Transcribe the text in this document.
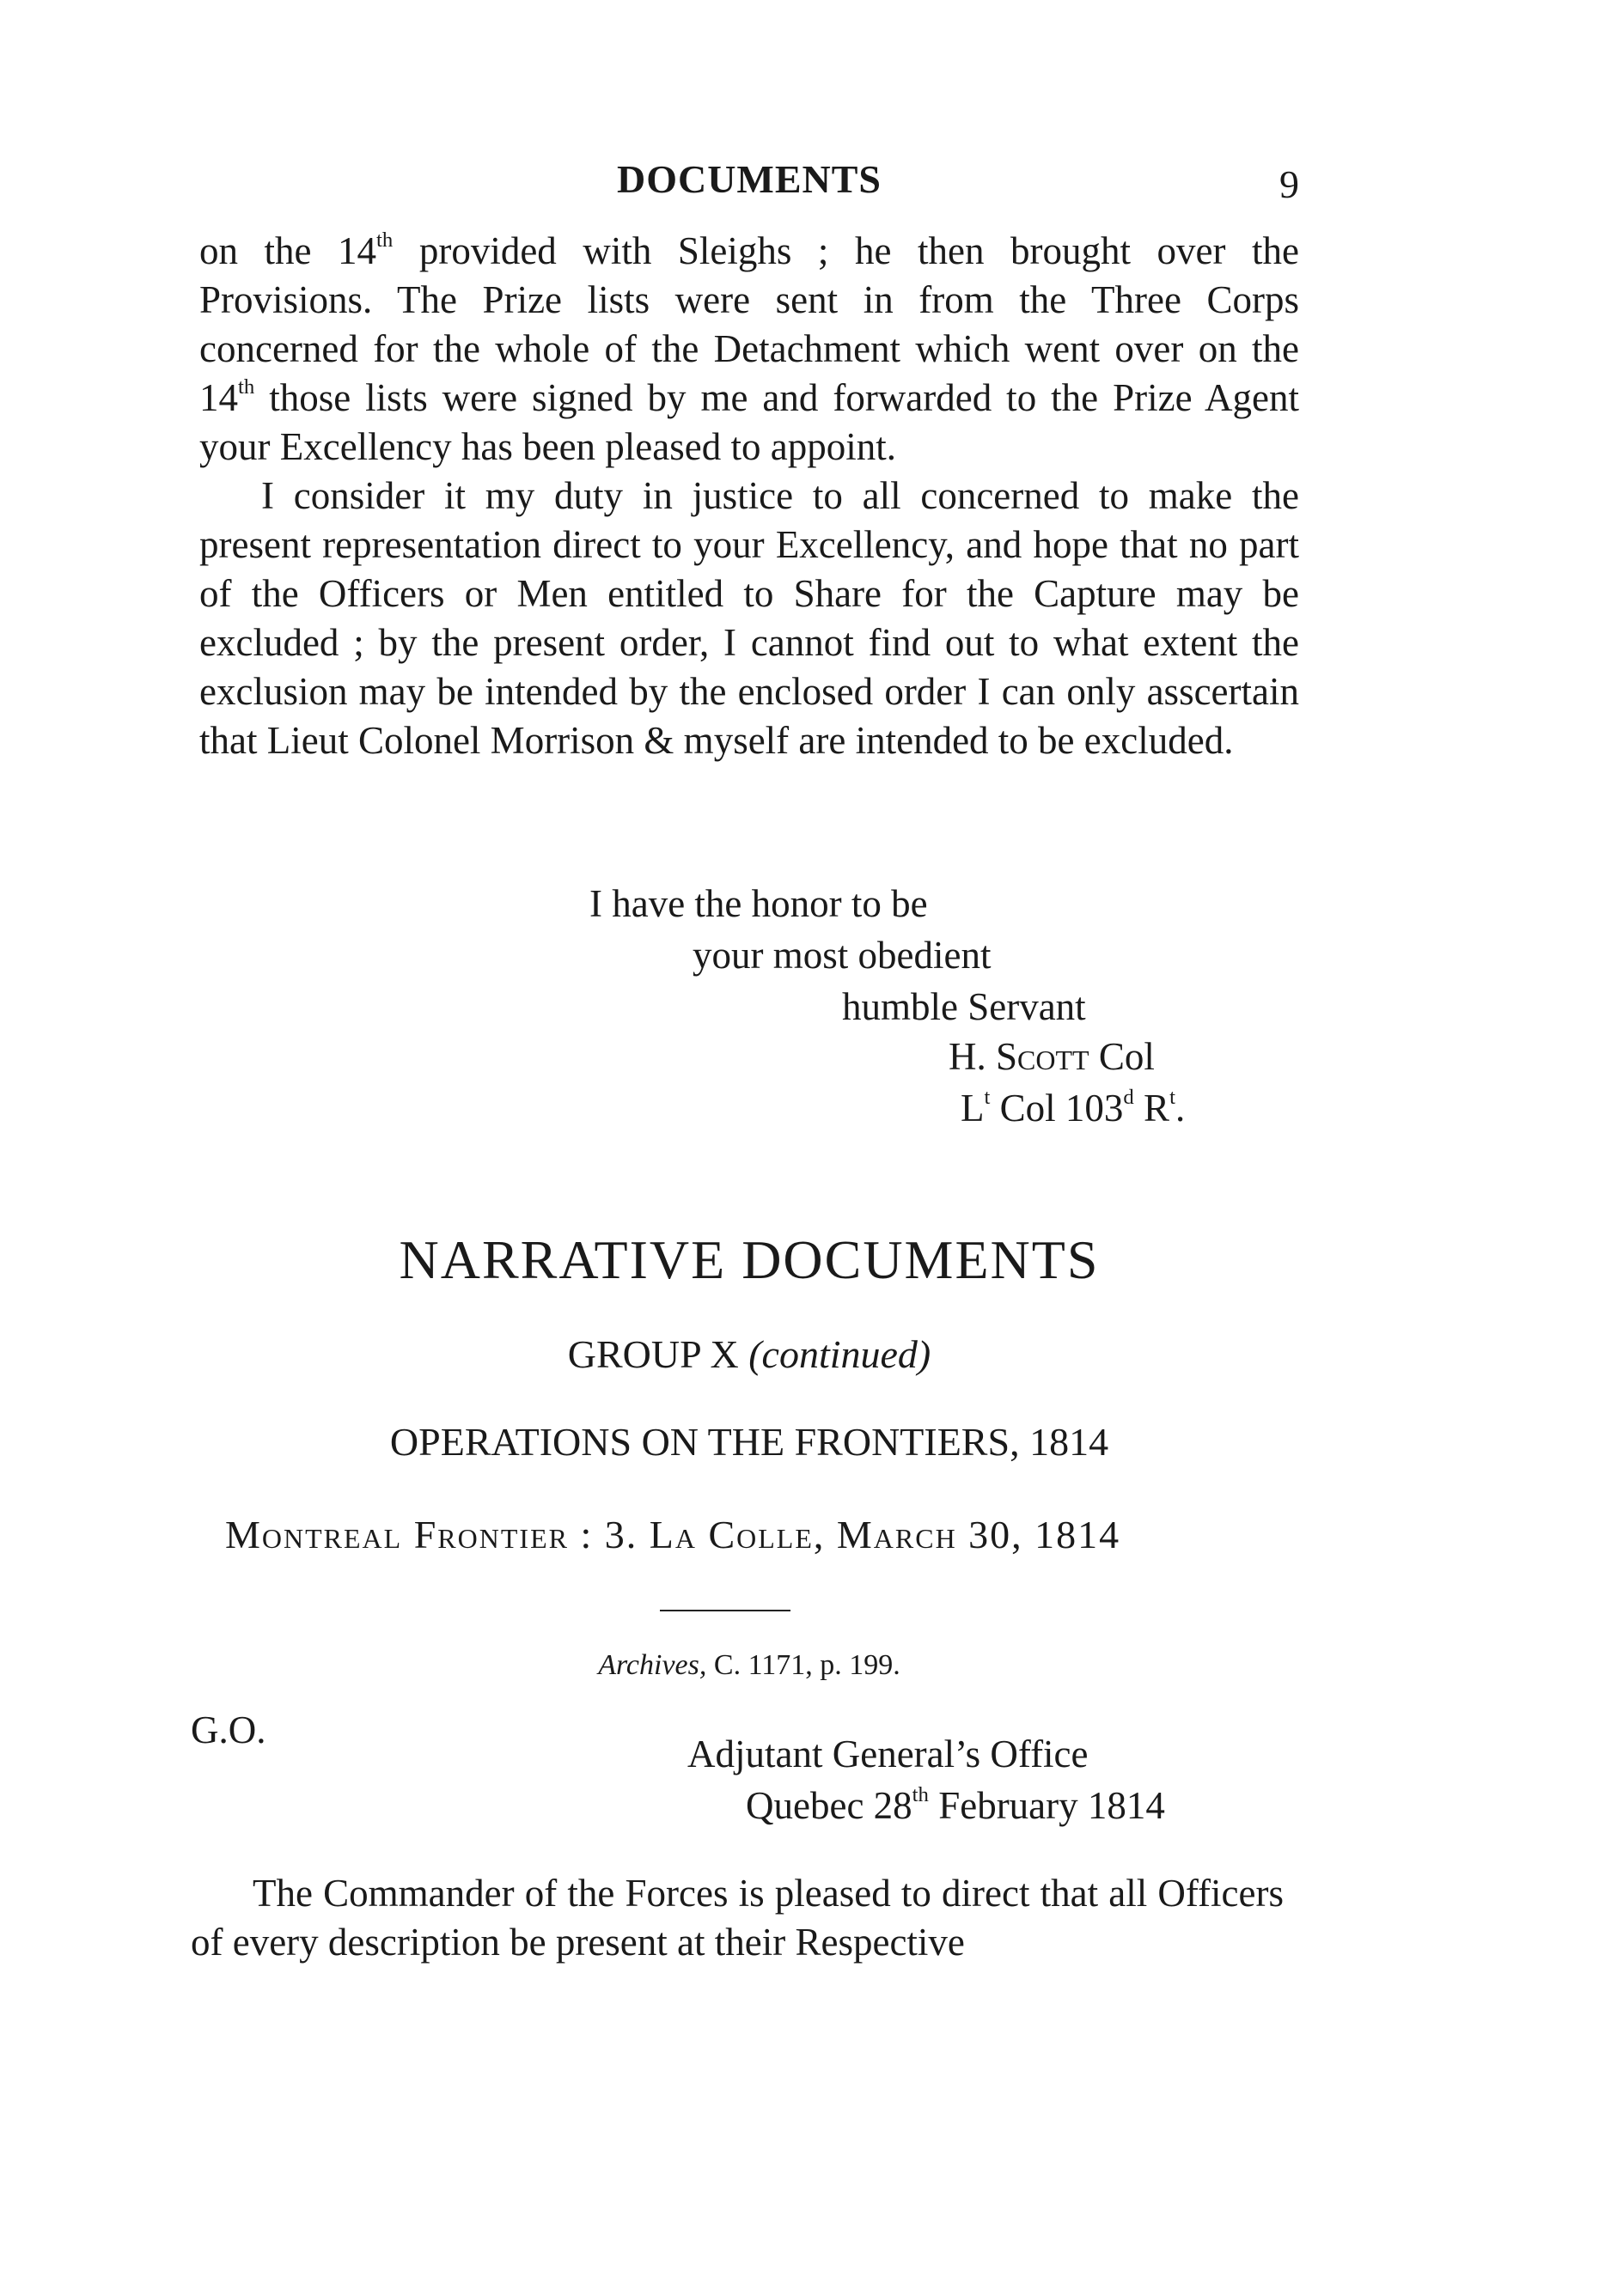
DOCUMENTS	9

on the 14th provided with Sleighs ; he then brought over the Provisions. The Prize lists were sent in from the Three Corps concerned for the whole of the Detachment which went over on the 14th those lists were signed by me and forwarded to the Prize Agent your Excellency has been pleased to appoint.

I consider it my duty in justice to all concerned to make the present representation direct to your Excellency, and hope that no part of the Officers or Men entitled to Share for the Capture may be excluded ; by the present order, I cannot find out to what extent the exclusion may be intended by the enclosed order I can only asscertain that Lieut Colonel Morrison & myself are intended to be excluded.

I have the honor to be
your most obedient
humble Servant
H. Scott Col
$L^t$ Col 103$^d$ $R^t$.
NARRATIVE DOCUMENTS
GROUP X (continued)
OPERATIONS ON THE FRONTIERS, 1814
Montreal Frontier : 3. La Colle, March 30, 1814
Archives, C. 1171, p. 199.
G.O.
Adjutant General’s Office
Quebec 28th February 1814

The Commander of the Forces is pleased to direct that all Officers of every description be present at their Respective
